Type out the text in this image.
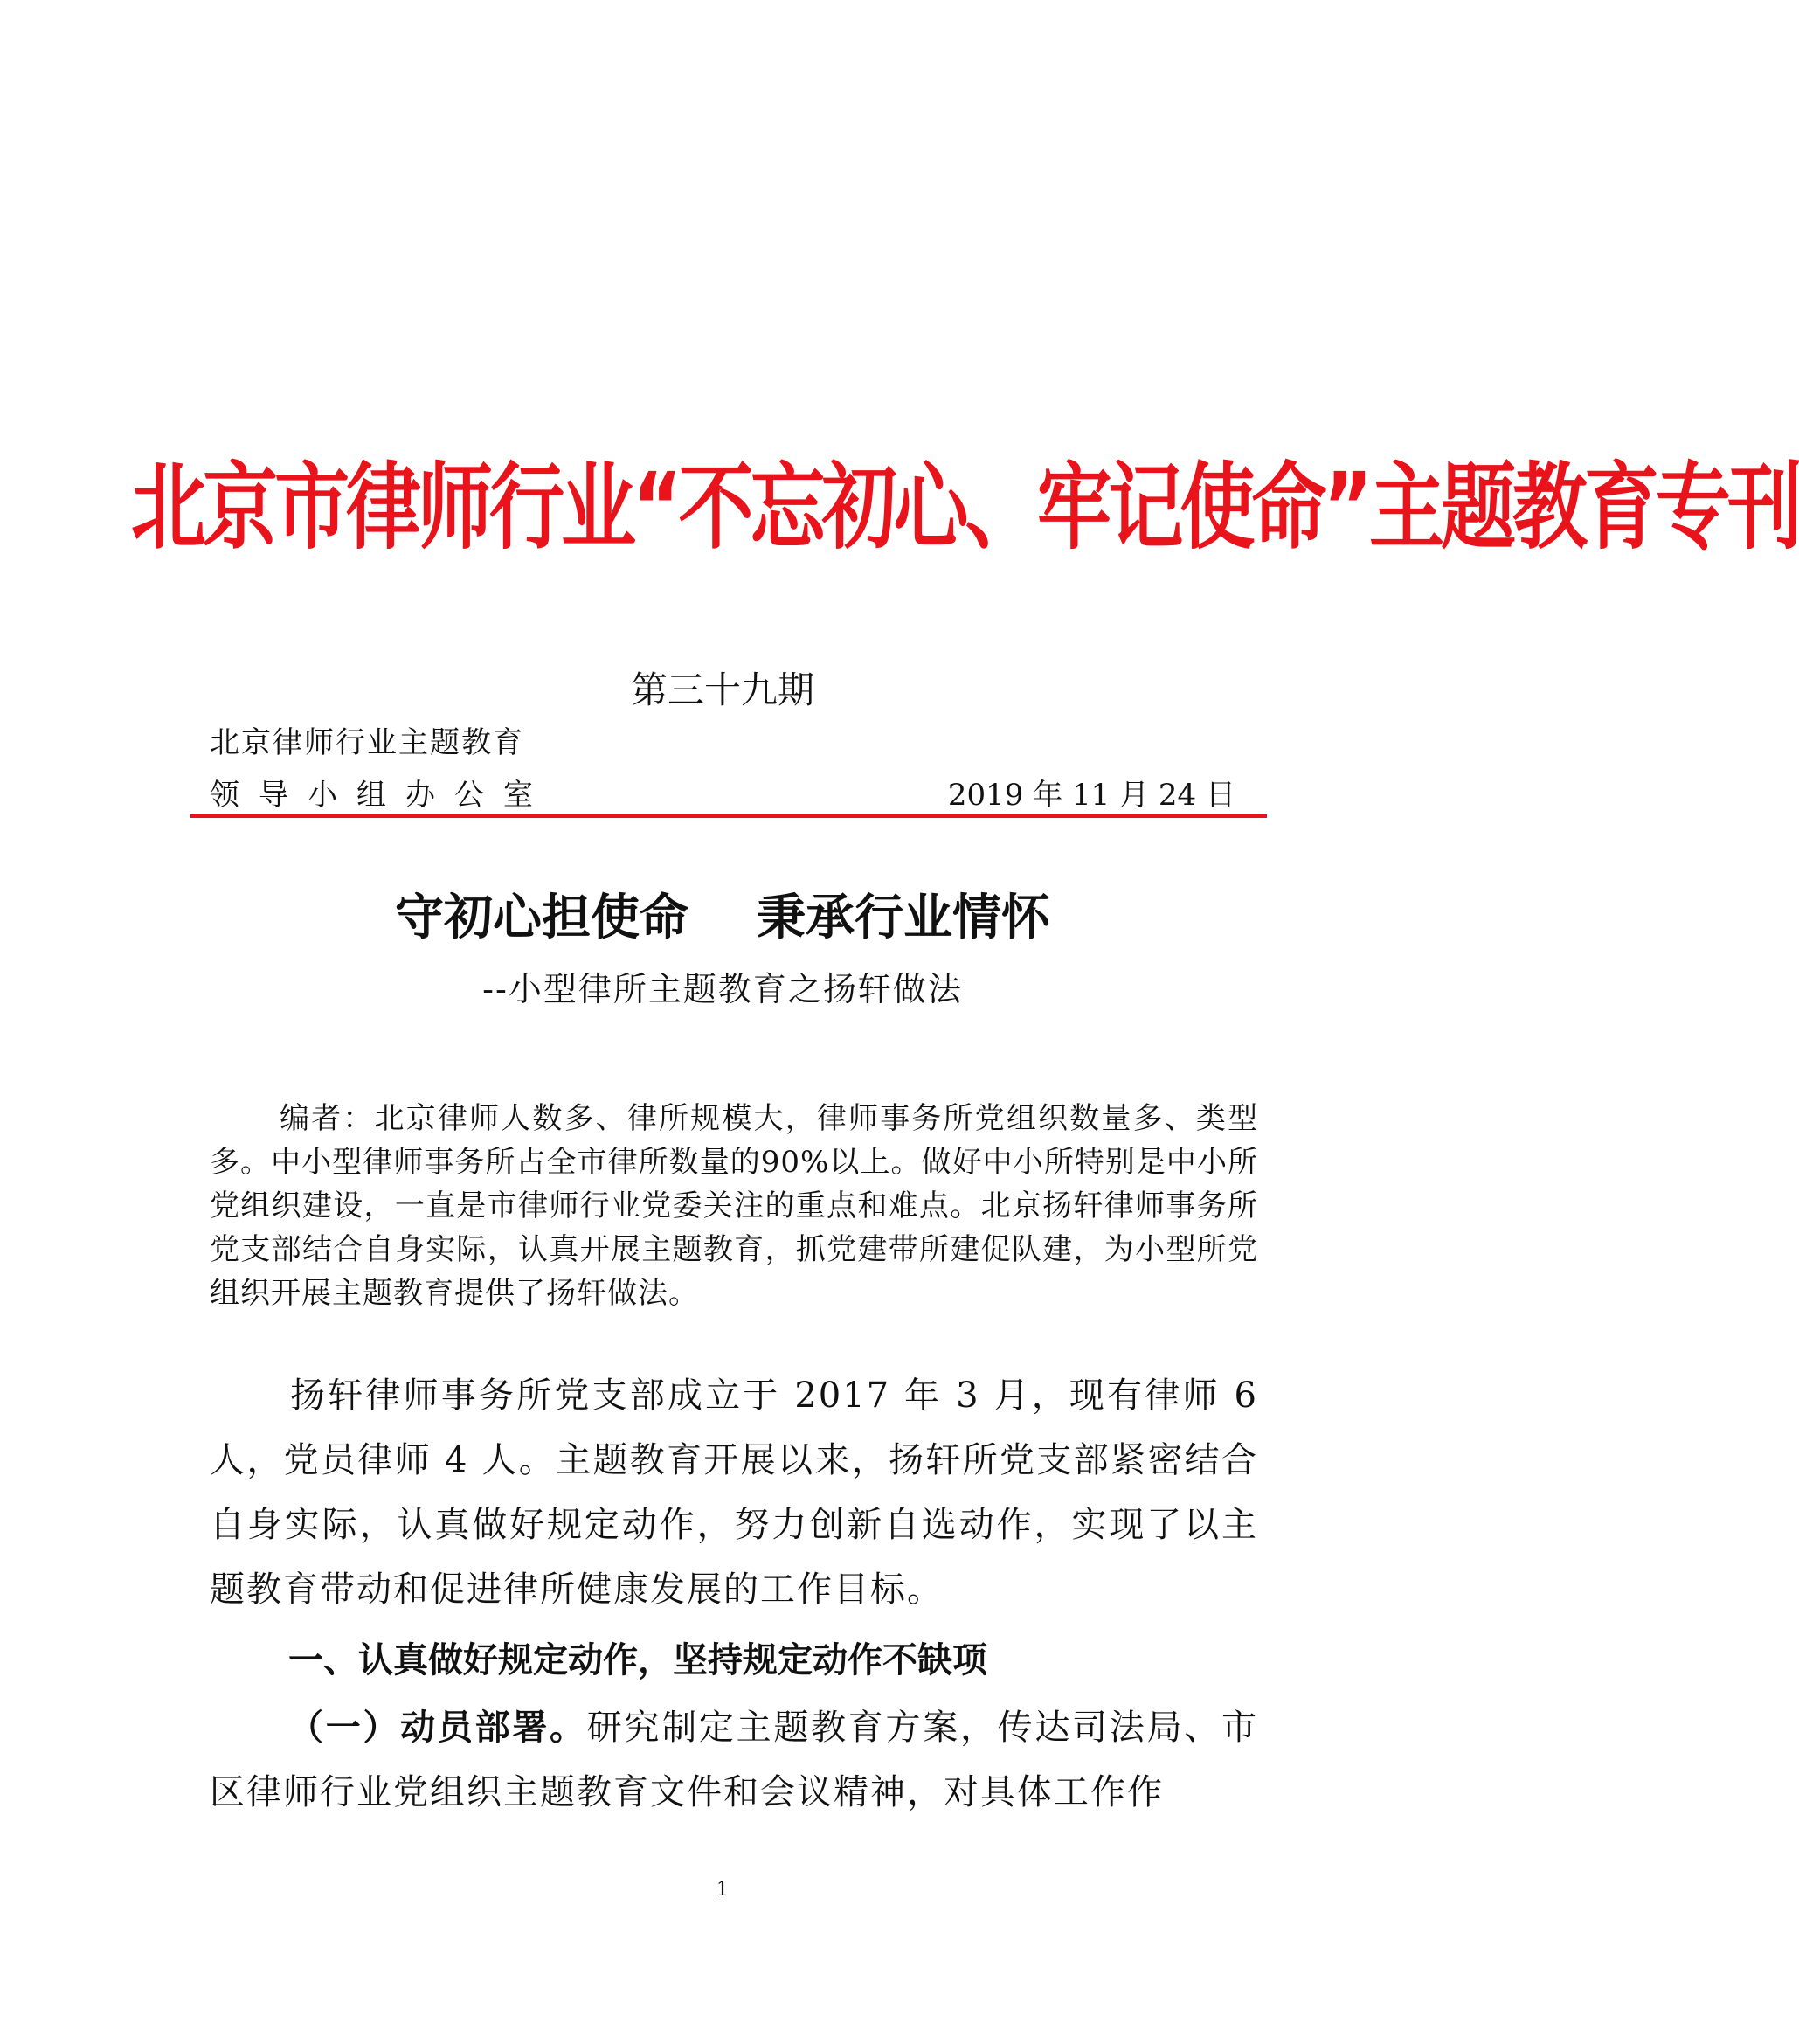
北京市律师行业“不忘初心、牢记使命”主题教育专刊
第三十九期
北京律师行业主题教育
领导小组办公室	2019 年 11 月 24 日
守初心担使命    秉承行业情怀
--小型律所主题教育之扬轩做法
编者：北京律师人数多、律所规模大，律师事务所党组织数量多、类型多。中小型律师事务所占全市律所数量的90%以上。做好中小所特别是中小所党组织建设，一直是市律师行业党委关注的重点和难点。北京扬轩律师事务所党支部结合自身实际，认真开展主题教育，抓党建带所建促队建，为小型所党组织开展主题教育提供了扬轩做法。
扬轩律师事务所党支部成立于 2017 年 3 月，现有律师 6 人，党员律师 4 人。主题教育开展以来，扬轩所党支部紧密结合自身实际，认真做好规定动作，努力创新自选动作，实现了以主题教育带动和促进律所健康发展的工作目标。
一、认真做好规定动作，坚持规定动作不缺项
（一）动员部署。研究制定主题教育方案，传达司法局、市区律师行业党组织主题教育文件和会议精神，对具体工作作
1
